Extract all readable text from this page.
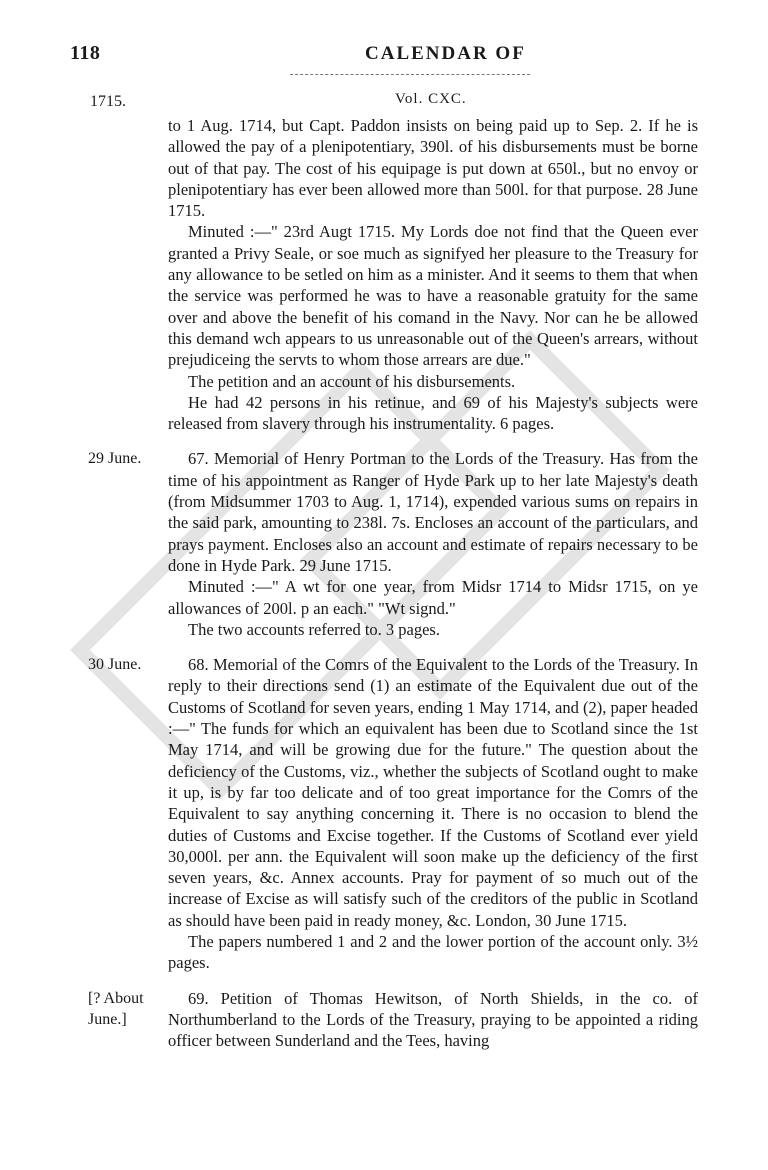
118	CALENDAR OF
1715.	Vol. CXC.

to 1 Aug. 1714, but Capt. Paddon insists on being paid up to Sep. 2. If he is allowed the pay of a plenipotentiary, 390l. of his disbursements must be borne out of that pay. The cost of his equipage is put down at 650l., but no envoy or plenipotentiary has ever been allowed more than 500l. for that purpose. 28 June 1715.

Minuted :—" 23rd Augt 1715. My Lords doe not find that the Queen ever granted a Privy Seale, or soe much as signifyed her pleasure to the Treasury for any allowance to be setled on him as a minister. And it seems to them that when the service was performed he was to have a reasonable gratuity for the same over and above the benefit of his comand in the Navy. Nor can he be allowed this demand wch appears to us unreasonable out of the Queen's arrears, without prejudiceing the servts to whom those arrears are due."

The petition and an account of his disbursements.

He had 42 persons in his retinue, and 69 of his Majesty's subjects were released from slavery through his instrumentality. 6 pages.

29 June.	67. Memorial of Henry Portman to the Lords of the Treasury. Has from the time of his appointment as Ranger of Hyde Park up to her late Majesty's death (from Midsummer 1703 to Aug. 1, 1714), expended various sums on repairs in the said park, amounting to 238l. 7s. Encloses an account of the particulars, and prays payment. Encloses also an account and estimate of repairs necessary to be done in Hyde Park. 29 June 1715.

Minuted :—" A wt for one year, from Midsr 1714 to Midsr 1715, on ye allowances of 200l. p an each." "Wt signd."

The two accounts referred to. 3 pages.

30 June.	68. Memorial of the Comrs of the Equivalent to the Lords of the Treasury. In reply to their directions send (1) an estimate of the Equivalent due out of the Customs of Scotland for seven years, ending 1 May 1714, and (2), paper headed :—" The funds for which an equivalent has been due to Scotland since the 1st May 1714, and will be growing due for the future." The question about the deficiency of the Customs, viz., whether the subjects of Scotland ought to make it up, is by far too delicate and of too great importance for the Comrs of the Equivalent to say anything concerning it. There is no occasion to blend the duties of Customs and Excise together. If the Customs of Scotland ever yield 30,000l. per ann. the Equivalent will soon make up the deficiency of the first seven years, &c. Annex accounts. Pray for payment of so much out of the increase of Excise as will satisfy such of the creditors of the public in Scotland as should have been paid in ready money, &c. London, 30 June 1715.

The papers numbered 1 and 2 and the lower portion of the account only. 3½ pages.

[? About June.]

69. Petition of Thomas Hewitson, of North Shields, in the co. of Northumberland to the Lords of the Treasury, praying to be appointed a riding officer between Sunderland and the Tees, having
